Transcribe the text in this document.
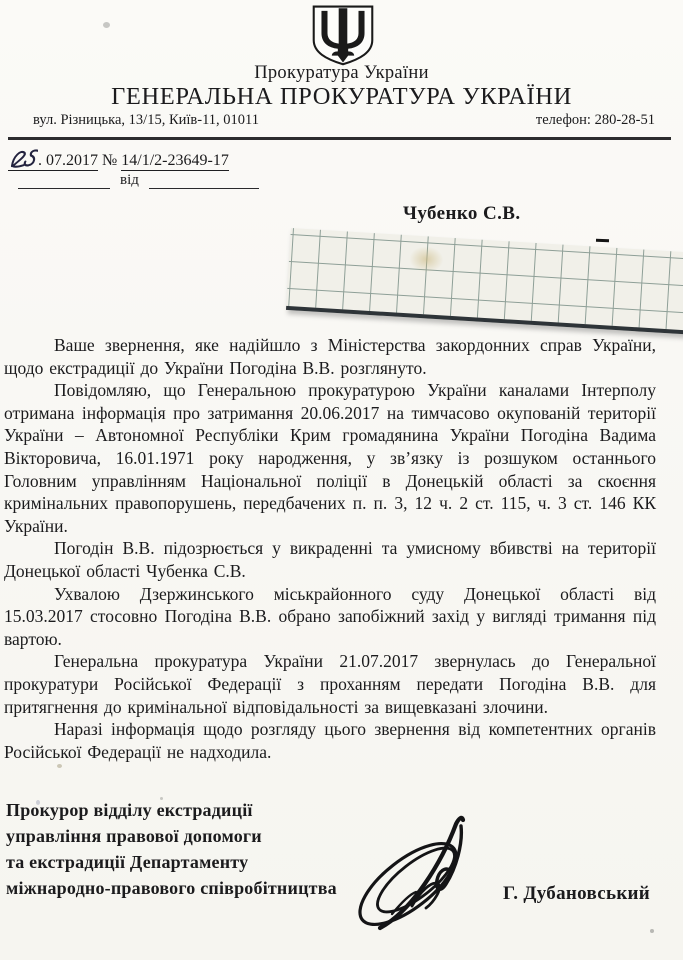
Прокуратура України
ГЕНЕРАЛЬНА ПРОКУРАТУРА УКРАЇНИ
вул. Різницька, 13/15, Київ-11, 01011	телефон: 280-28-51
. 07.2017 № 14/1/2-23649-17
від
Чубенко С.В.

Ваше звернення, яке надійшло з Міністерства закордонних справ України, щодо екстрадиції до України Погодіна В.В. розглянуто.

Повідомляю, що Генеральною прокуратурою України каналами Інтерполу отримана інформація про затримання 20.06.2017 на тимчасово окупованій території України – Автономної Республіки Крим громадянина України Погодіна Вадима Вікторовича, 16.01.1971 року народження, у зв’язку із розшуком останнього Головним управлінням Національної поліції в Донецькій області за скоєння кримінальних правопорушень, передбачених п. п. 3, 12 ч. 2 ст. 115, ч. 3 ст. 146 КК України.

Погодін В.В. підозрюється у викраденні та умисному вбивстві на території Донецької області Чубенка С.В.

Ухвалою Дзержинського міськрайонного суду Донецької області від 15.03.2017 стосовно Погодіна В.В. обрано запобіжний захід у вигляді тримання під вартою.

Генеральна прокуратура України 21.07.2017 звернулась до Генеральної прокуратури Російської Федерації з проханням передати Погодіна В.В. для притягнення до кримінальної відповідальності за вищевказані злочини.

Наразі інформація щодо розгляду цього звернення від компетентних органів Російської Федерації не надходила.

Прокурор відділу екстрадиції
управління правової допомоги
та екстрадиції Департаменту
міжнародно-правового співробітництва	Г. Дубановський
